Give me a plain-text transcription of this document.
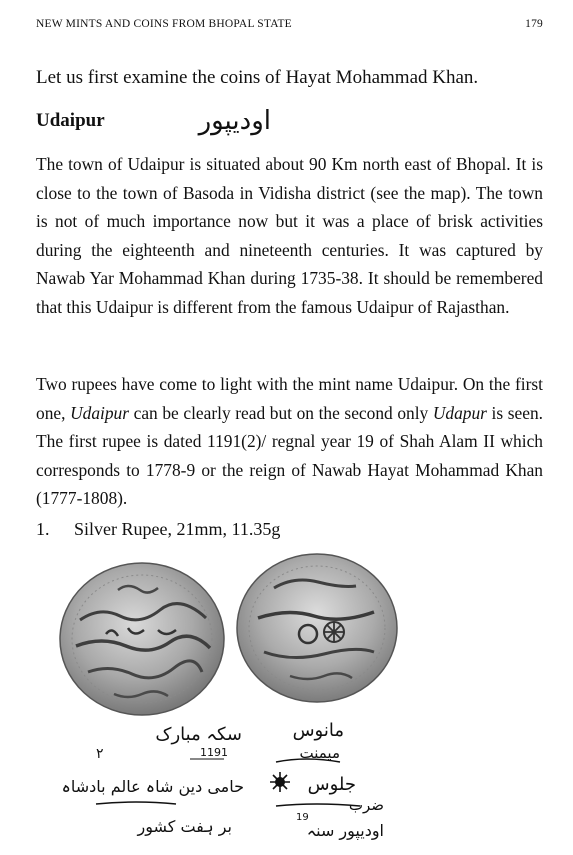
NEW MINTS AND COINS FROM BHOPAL STATE	179
Let us first examine the coins of Hayat Mohammad Khan.
Udaipur	اودیپور
The town of Udaipur is situated about 90 Km north east of Bhopal. It is close to the town of Basoda in Vidisha district (see the map). The town is not of much importance now but it was a place of brisk activities during the eighteenth and nineteenth centuries. It was captured by Nawab Yar Mohammad Khan during 1735-38. It should be remembered that this Udaipur is different from the famous Udaipur of Rajasthan.
Two rupees have come to light with the mint name Udaipur. On the first one, Udaipur can be clearly read but on the second only Udapur is seen. The first rupee is dated 1191(2)/ regnal year 19 of Shah Alam II which corresponds to 1778-9 or the reign of Nawab Hayat Mohammad Khan (1777-1808).
1. Silver Rupee, 21mm, 11.35g
سکہ مبارک
1191
۲
حامی دین شاہ عالم بادشاہ
بر ہفت کشور
مانوس
میمنت
جلوس
ضرب
19
اودیپور سنہ
